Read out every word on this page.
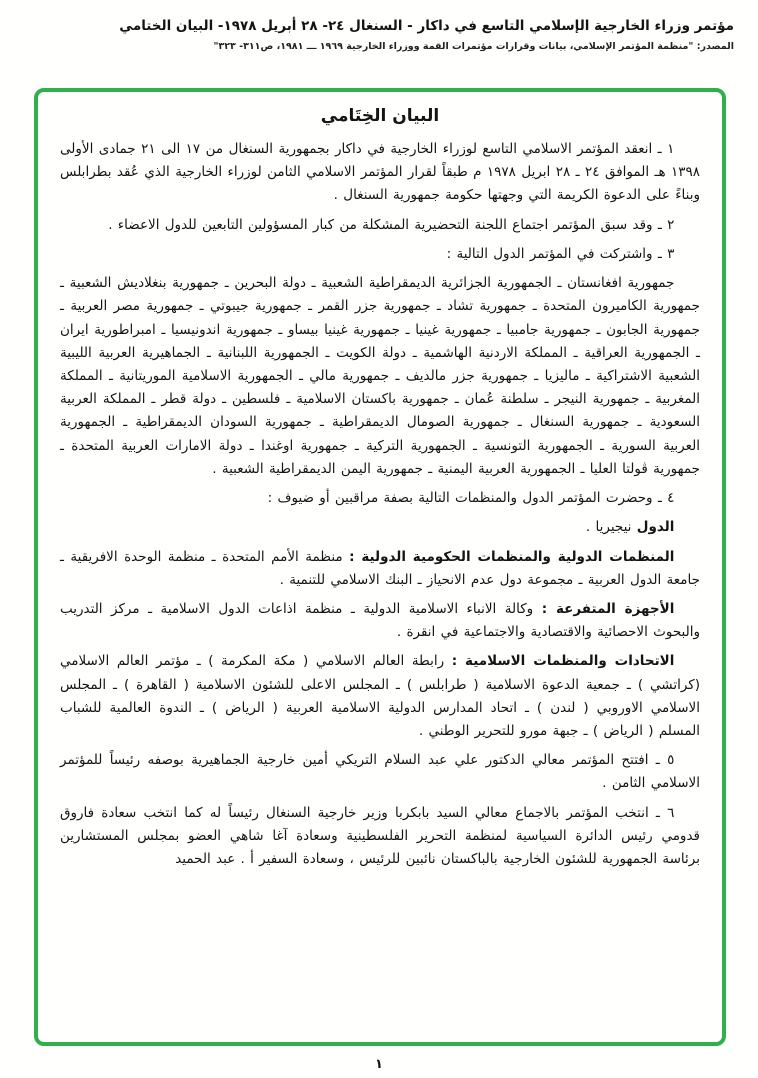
مؤتمر وزراء الخارجية الإسلامي التاسع في داكار - السنغال ٢٤- ٢٨ أبريل ١٩٧٨- البيان الختامي
المصدر: "منظمة المؤتمر الإسلامي، بيانات وقرارات مؤتمرات القمة ووزراء الخارجية ١٩٦٩ ـــ ١٩٨١، ص٣١١- ٣٢٣"
البيان الخِتَامي
١ ـ انعقد المؤتمر الاسلامي التاسع لوزراء الخارجية في داكار بجمهورية السنغال من ١٧ الى ٢١ جمادى الأولى ١٣٩٨ هـ الموافق ٢٤ ـ ٢٨ ابريل ١٩٧٨ م طبقاً لقرار المؤتمر الاسلامي الثامن لوزراء الخارجية الذي عُقد بطرابلس وبناءً على الدعوة الكريمة التي وجهتها حكومة جمهورية السنغال .
٢ ـ وقد سبق المؤتمر اجتماع اللجنة التحضيرية المشكلة من كبار المسؤولين التابعين للدول الاعضاء .
٣ ـ واشتركت في المؤتمر الدول التالية :
جمهورية افغانستان ـ الجمهورية الجزائرية الديمقراطية الشعبية ـ دولة البحرين ـ جمهورية بنغلاديش الشعبية ـ جمهورية الكاميرون المتحدة ـ جمهورية تشاد ـ جمهورية جزر القمر ـ جمهورية جيبوتي ـ جمهورية مصر العربية ـ جمهورية الجابون ـ جمهورية جامبيا ـ جمهورية غينيا ـ جمهورية غينيا بيساو ـ جمهورية اندونيسيا ـ امبراطورية ايران ـ الجمهورية العراقية ـ المملكة الاردنية الهاشمية ـ دولة الكويت ـ الجمهورية اللبنانية ـ الجماهيرية العربية الليبية الشعبية الاشتراكية ـ ماليزيا ـ جمهورية جزر مالديف ـ جمهورية مالي ـ الجمهورية الاسلامية الموريتانية ـ المملكة المغربية ـ جمهورية النيجر ـ سلطنة عُمان ـ جمهورية باكستان الاسلامية ـ فلسطين ـ دولة قطر ـ المملكة العربية السعودية ـ جمهورية السنغال ـ جمهورية الصومال الديمقراطية ـ جمهورية السودان الديمقراطية ـ الجمهورية العربية السورية ـ الجمهورية التونسية ـ الجمهورية التركية ـ جمهورية اوغندا ـ دولة الامارات العربية المتحدة ـ جمهورية ڤولتا العليا ـ الجمهورية العربية اليمنية ـ جمهورية اليمن الديمقراطية الشعبية .
٤ ـ وحضرت المؤتمر الدول والمنظمات التالية بصفة مراقبين أو ضيوف :
الدول نيجيريا .
المنظمات الدولية والمنظمات الحكومية الدولية : منظمة الأمم المتحدة ـ منظمة الوحدة الافريقية ـ جامعة الدول العربية ـ مجموعة دول عدم الانحياز ـ البنك الاسلامي للتنمية .
الأجهزة المتفرعة : وكالة الانباء الاسلامية الدولية ـ منظمة اذاعات الدول الاسلامية ـ مركز التدريب والبحوث الاحصائية والاقتصادية والاجتماعية في انقرة .
الاتحادات والمنظمات الاسلامية : رابطة العالم الاسلامي ( مكة المكرمة ) ـ مؤتمر العالم الاسلامي (كراتشي ) ـ جمعية الدعوة الاسلامية ( طرابلس ) ـ المجلس الاعلى للشئون الاسلامية ( القاهرة ) ـ المجلس الاسلامي الاوروبي ( لندن ) ـ اتحاد المدارس الدولية الاسلامية العربية ( الرياض ) ـ الندوة العالمية للشباب المسلم ( الرياض ) ـ جبهة مورو للتحرير الوطني .
٥ ـ افتتح المؤتمر معالي الدكتور علي عبد السلام التريكي أمين خارجية الجماهيرية بوصفه رئيساً للمؤتمر الاسلامي الثامن .
٦ ـ انتخب المؤتمر بالاجماع معالي السيد بابكربا وزير خارجية السنغال رئيساً له كما انتخب سعادة فاروق قدومي رئيس الدائرة السياسية لمنظمة التحرير الفلسطينية وسعادة آغا شاهي العضو بمجلس المستشارين برئاسة الجمهورية للشئون الخارجية بالباكستان نائبين للرئيس ، وسعادة السفير أ . عبد الحميد
١
